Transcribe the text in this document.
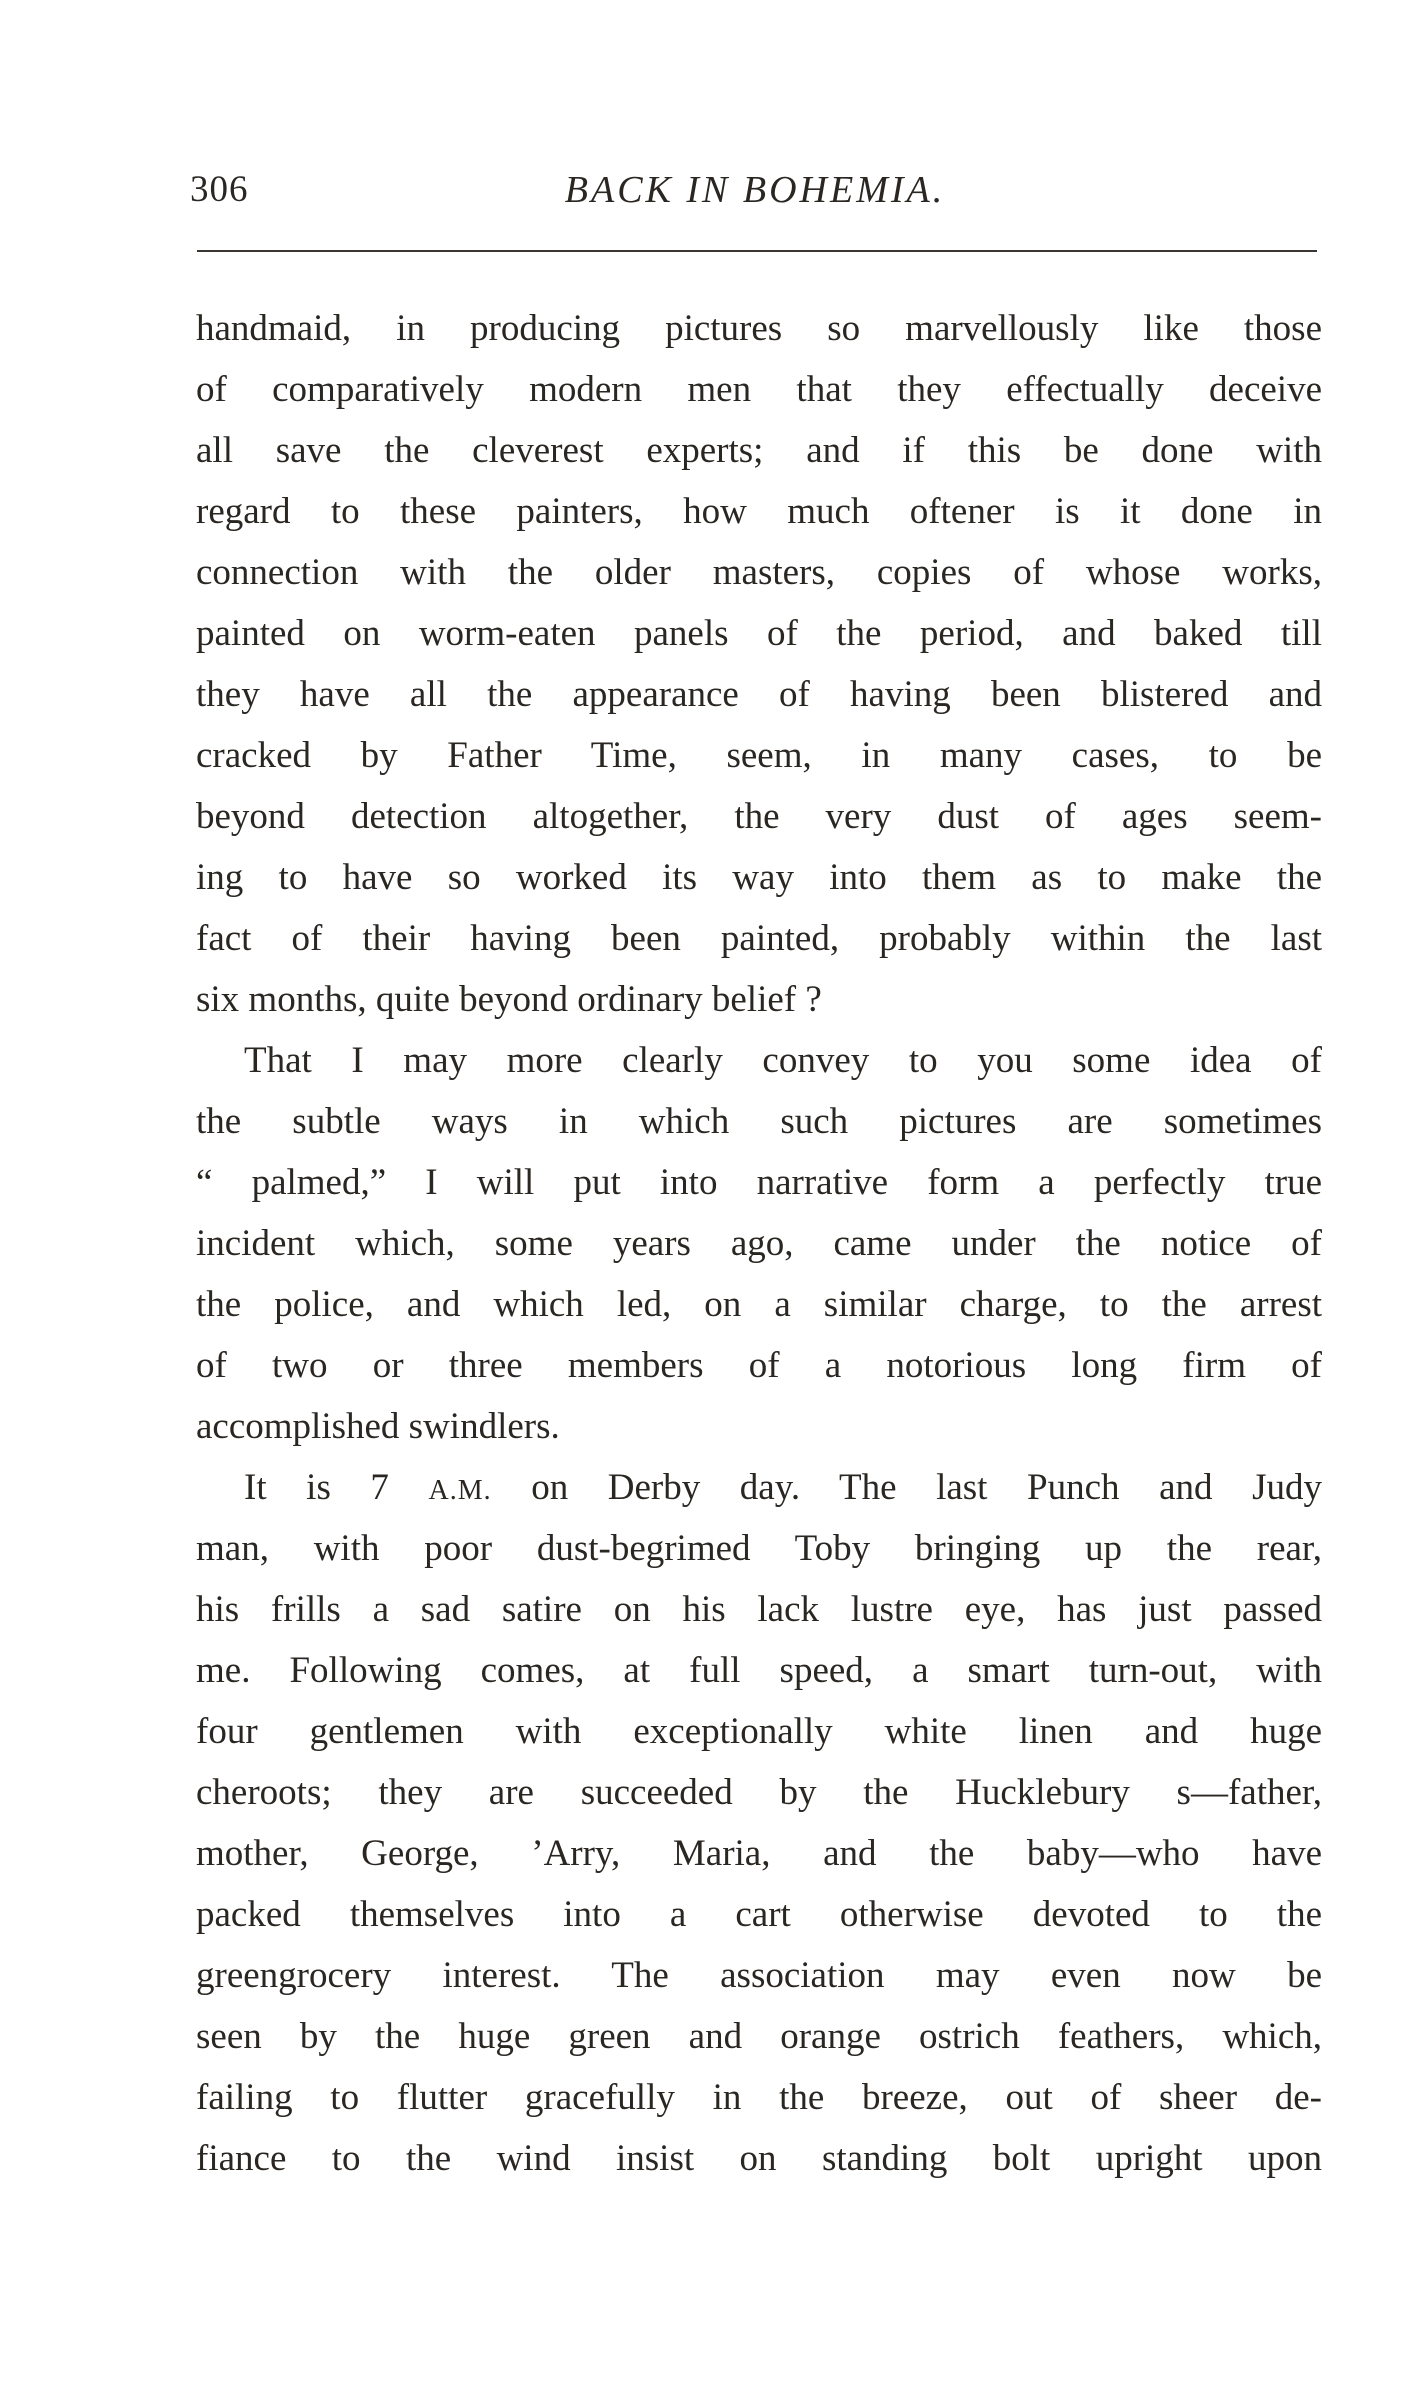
306	BACK IN BOHEMIA.
handmaid, in producing pictures so marvellously like those
of comparatively modern men that they effectually deceive
all save the cleverest experts; and if this be done with
regard to these painters, how much oftener is it done in
connection with the older masters, copies of whose works,
painted on worm-eaten panels of the period, and baked till
they have all the appearance of having been blistered and
cracked by Father Time, seem, in many cases, to be
beyond detection altogether, the very dust of ages seem-
ing to have so worked its way into them as to make the
fact of their having been painted, probably within the last
six months, quite beyond ordinary belief ?
That I may more clearly convey to you some idea of
the subtle ways in which such pictures are sometimes
“ palmed,” I will put into narrative form a perfectly true
incident which, some years ago, came under the notice of
the police, and which led, on a similar charge, to the arrest
of two or three members of a notorious long firm of
accomplished swindlers.
It is 7 A.M. on Derby day. The last Punch and Judy
man, with poor dust-begrimed Toby bringing up the rear,
his frills a sad satire on his lack lustre eye, has just passed
me. Following comes, at full speed, a smart turn-out, with
four gentlemen with exceptionally white linen and huge
cheroots; they are succeeded by the Hucklebury s—father,
mother, George, ’Arry, Maria, and the baby—who have
packed themselves into a cart otherwise devoted to the
greengrocery interest. The association may even now be
seen by the huge green and orange ostrich feathers, which,
failing to flutter gracefully in the breeze, out of sheer de-
fiance to the wind insist on standing bolt upright upon
